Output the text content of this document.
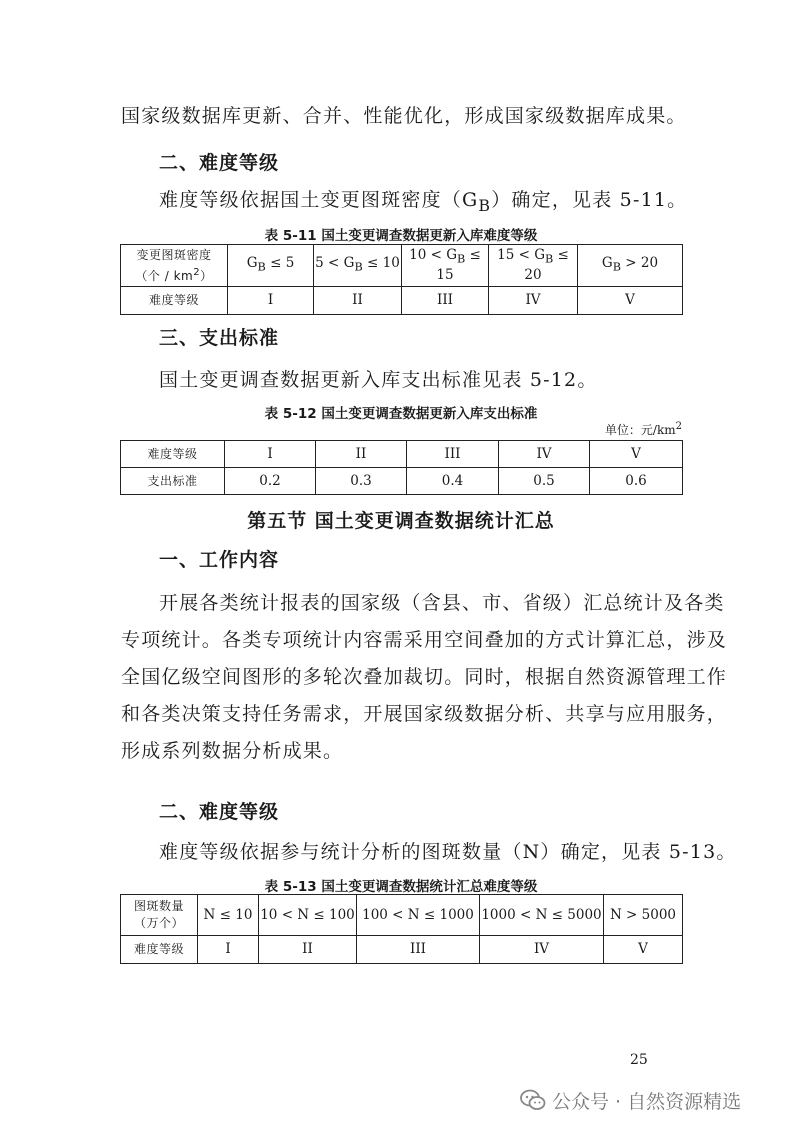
国家级数据库更新、合并、性能优化，形成国家级数据库成果。
二、难度等级
难度等级依据国土变更图斑密度$(G_B)$确定，见表 5-11。
表 5-11 国土变更调查数据更新入库难度等级
变更图斑密度
（个 / $km^2$）	$G_B \le 5$	$5 < G_B \le 10$	$10 < G_B \le 15$	$15 < G_B \le 20$	$G_B > 20$
难度等级	I	II	III	IV	V
三、支出标准
国土变更调查数据更新入库支出标准见表 5-12。
表 5-12 国土变更调查数据更新入库支出标准
单位：元$/km^2$
难度等级	I	II	III	IV	V
支出标准	0.2	0.3	0.4	0.5	0.6
第五节 国土变更调查数据统计汇总
一、工作内容
开展各类统计报表的国家级（含县、市、省级）汇总统计及各类
专项统计。各类专项统计内容需采用空间叠加的方式计算汇总，涉及
全国亿级空间图形的多轮次叠加裁切。同时，根据自然资源管理工作
和各类决策支持任务需求，开展国家级数据分析、共享与应用服务，
形成系列数据分析成果。
二、难度等级
难度等级依据参与统计分析的图斑数量（N）确定，见表 5-13。
表 5-13 国土变更调查数据统计汇总难度等级
图斑数量
（万个）	N ≤ 10	10 < N ≤ 100	100 < N ≤ 1000	1000 < N ≤ 5000	N > 5000
难度等级	I	II	III	IV	V
25
公众号 · 自然资源精选
